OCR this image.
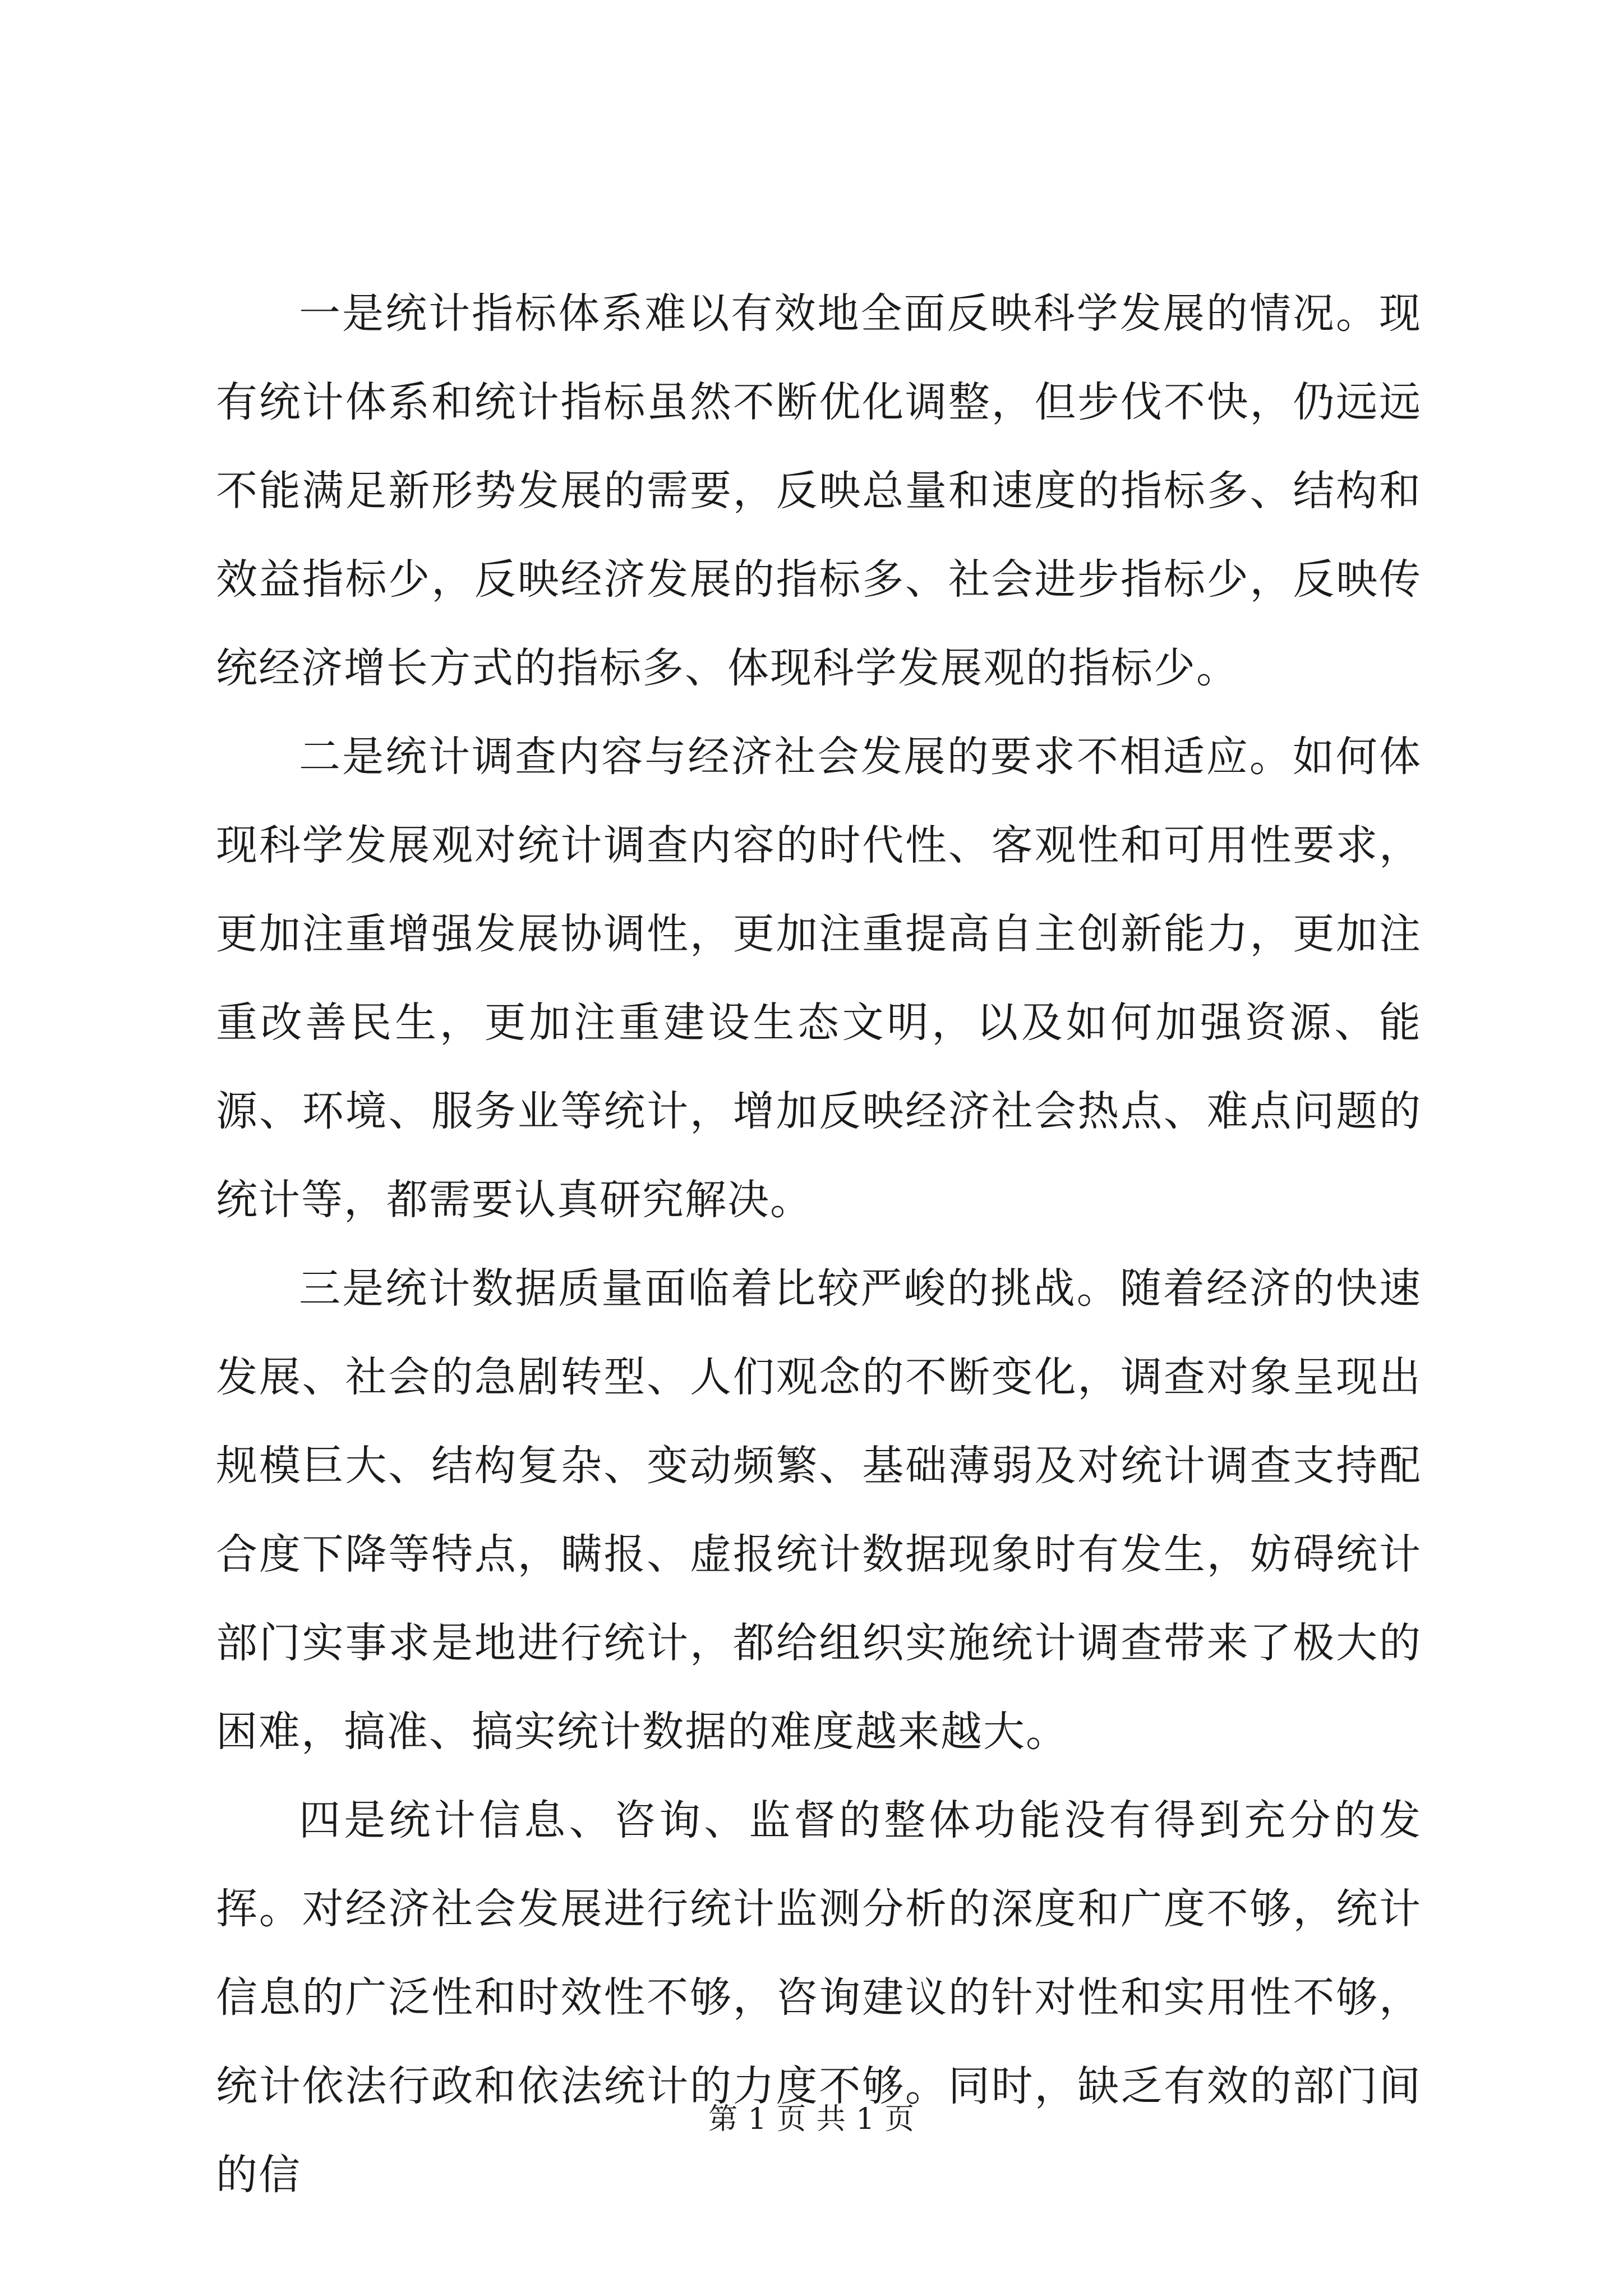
一是统计指标体系难以有效地全面反映科学发展的情况。现有统计体系和统计指标虽然不断优化调整，但步伐不快，仍远远不能满足新形势发展的需要，反映总量和速度的指标多、结构和效益指标少，反映经济发展的指标多、社会进步指标少，反映传统经济增长方式的指标多、体现科学发展观的指标少。

二是统计调查内容与经济社会发展的要求不相适应。如何体现科学发展观对统计调查内容的时代性、客观性和可用性要求，更加注重增强发展协调性，更加注重提高自主创新能力，更加注重改善民生，更加注重建设生态文明，以及如何加强资源、能源、环境、服务业等统计，增加反映经济社会热点、难点问题的统计等，都需要认真研究解决。

三是统计数据质量面临着比较严峻的挑战。随着经济的快速发展、社会的急剧转型、人们观念的不断变化，调查对象呈现出规模巨大、结构复杂、变动频繁、基础薄弱及对统计调查支持配合度下降等特点，瞒报、虚报统计数据现象时有发生，妨碍统计部门实事求是地进行统计，都给组织实施统计调查带来了极大的困难，搞准、搞实统计数据的难度越来越大。

四是统计信息、咨询、监督的整体功能没有得到充分的发挥。对经济社会发展进行统计监测分析的深度和广度不够，统计信息的广泛性和时效性不够，咨询建议的针对性和实用性不够，统计依法行政和依法统计的力度不够。同时，缺乏有效的部门间的信

第 1 页 共 1 页
